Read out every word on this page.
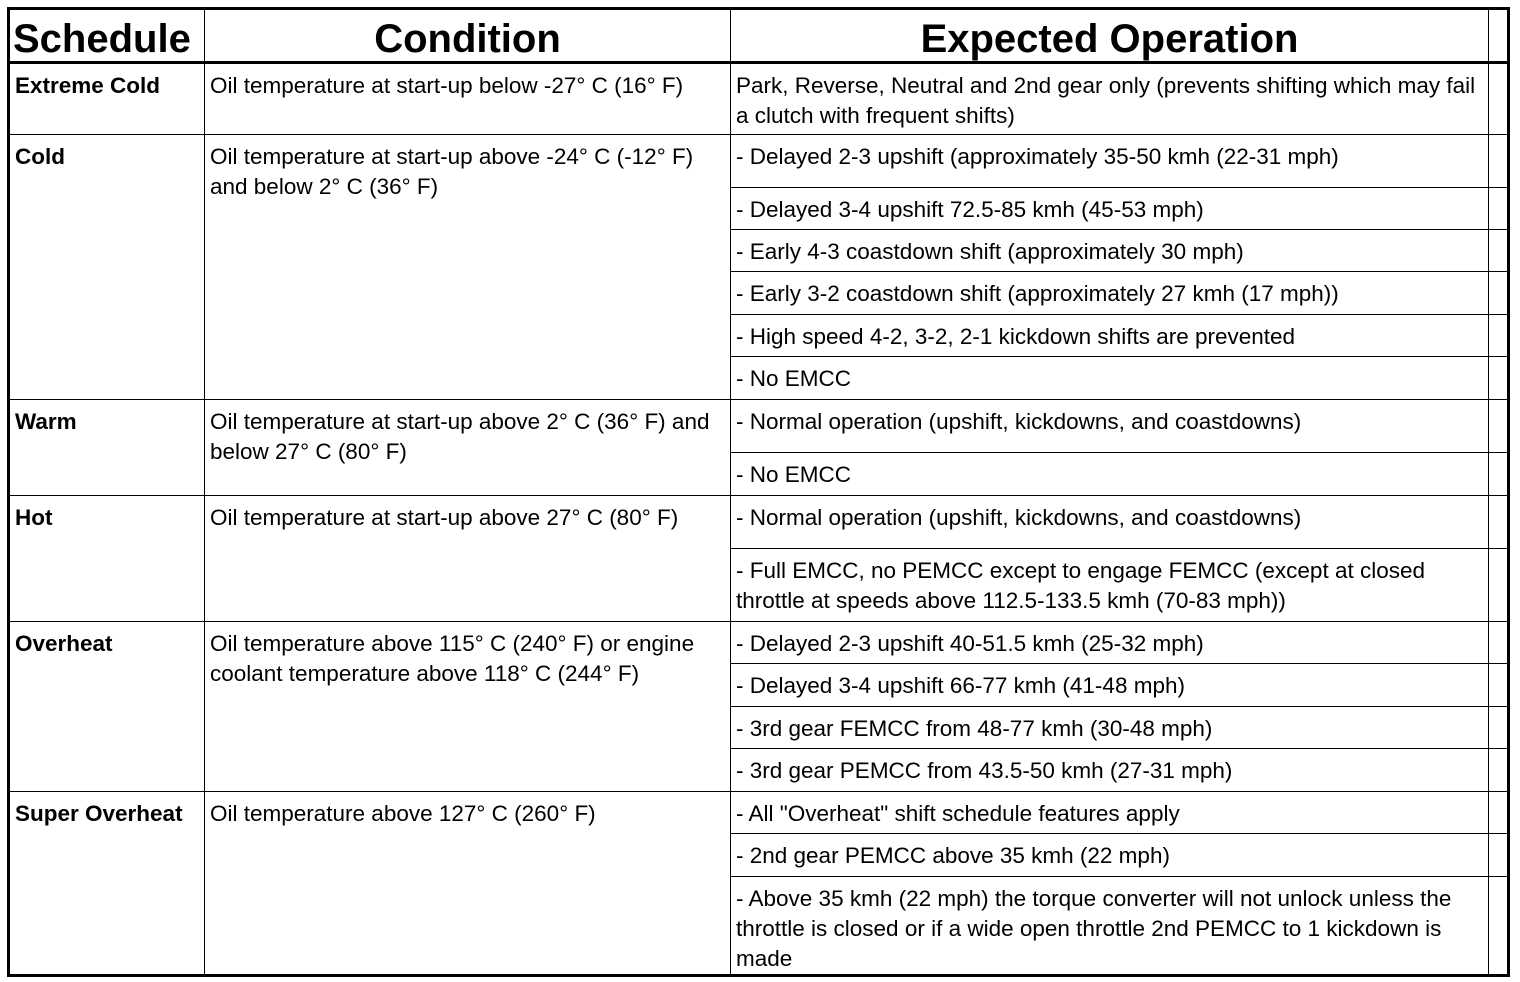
Schedule	Condition	Expected Operation	
Extreme Cold	Oil temperature at start-up below -27° C (16° F)	Park, Reverse, Neutral and 2nd gear only (prevents shifting which may fail a clutch with frequent shifts)	
Cold	Oil temperature at start-up above -24° C (-12° F) and below 2° C (36° F)	- Delayed 2-3 upshift (approximately 35-50 kmh (22-31 mph)	
		- Delayed 3-4 upshift 72.5-85 kmh (45-53 mph)	
		- Early 4-3 coastdown shift (approximately 30 mph)	
		- Early 3-2 coastdown shift (approximately 27 kmh (17 mph))	
		- High speed 4-2, 3-2, 2-1 kickdown shifts are prevented	
		- No EMCC	
Warm	Oil temperature at start-up above 2° C (36° F) and below 27° C (80° F)	- Normal operation (upshift, kickdowns, and coastdowns)	
		- No EMCC	
Hot	Oil temperature at start-up above 27° C (80° F)	- Normal operation (upshift, kickdowns, and coastdowns)	
		- Full EMCC, no PEMCC except to engage FEMCC (except at closed throttle at speeds above 112.5-133.5 kmh (70-83 mph))	
Overheat	Oil temperature above 115° C (240° F) or engine coolant temperature above 118° C (244° F)	- Delayed 2-3 upshift 40-51.5 kmh (25-32 mph)	
		- Delayed 3-4 upshift 66-77 kmh (41-48 mph)	
		- 3rd gear FEMCC from 48-77 kmh (30-48 mph)	
		- 3rd gear PEMCC from 43.5-50 kmh (27-31 mph)	
Super Overheat	Oil temperature above 127° C (260° F)	- All "Overheat" shift schedule features apply	
		- 2nd gear PEMCC above 35 kmh (22 mph)	
		- Above 35 kmh (22 mph) the torque converter will not unlock unless the throttle is closed or if a wide open throttle 2nd PEMCC to 1 kickdown is made	
